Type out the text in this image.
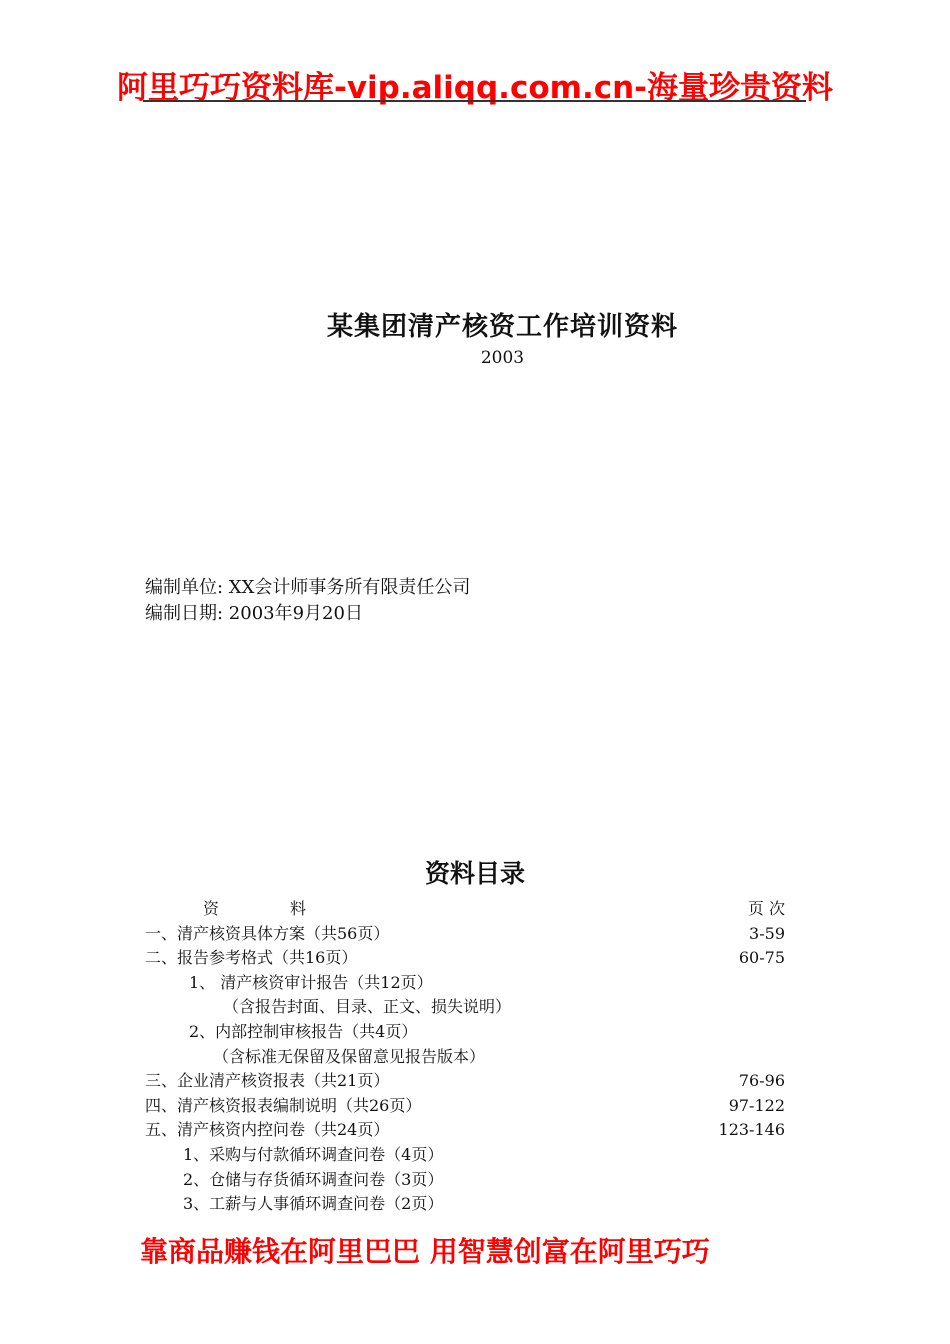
阿里巧巧资料库-vip.aliqq.com.cn-海量珍贵资料
某集团清产核资工作培训资料
2003
编制单位: XX会计师事务所有限责任公司
编制日期: 2003年9月20日
资料目录
资	料	页 次
一、清产核资具体方案（共56页）	3-59
二、报告参考格式（共16页）	60-75
1、 清产核资审计报告（共12页）
（含报告封面、目录、正文、损失说明）
2、内部控制审核报告（共4页）
（含标准无保留及保留意见报告版本）
三、企业清产核资报表（共21页）	76-96
四、清产核资报表编制说明（共26页）	97-122
五、清产核资内控问卷（共24页）	123-146
1、采购与付款循环调查问卷（4页）
2、仓储与存货循环调查问卷（3页）
3、工薪与人事循环调查问卷（2页）
靠商品赚钱在阿里巴巴 用智慧创富在阿里巧巧
